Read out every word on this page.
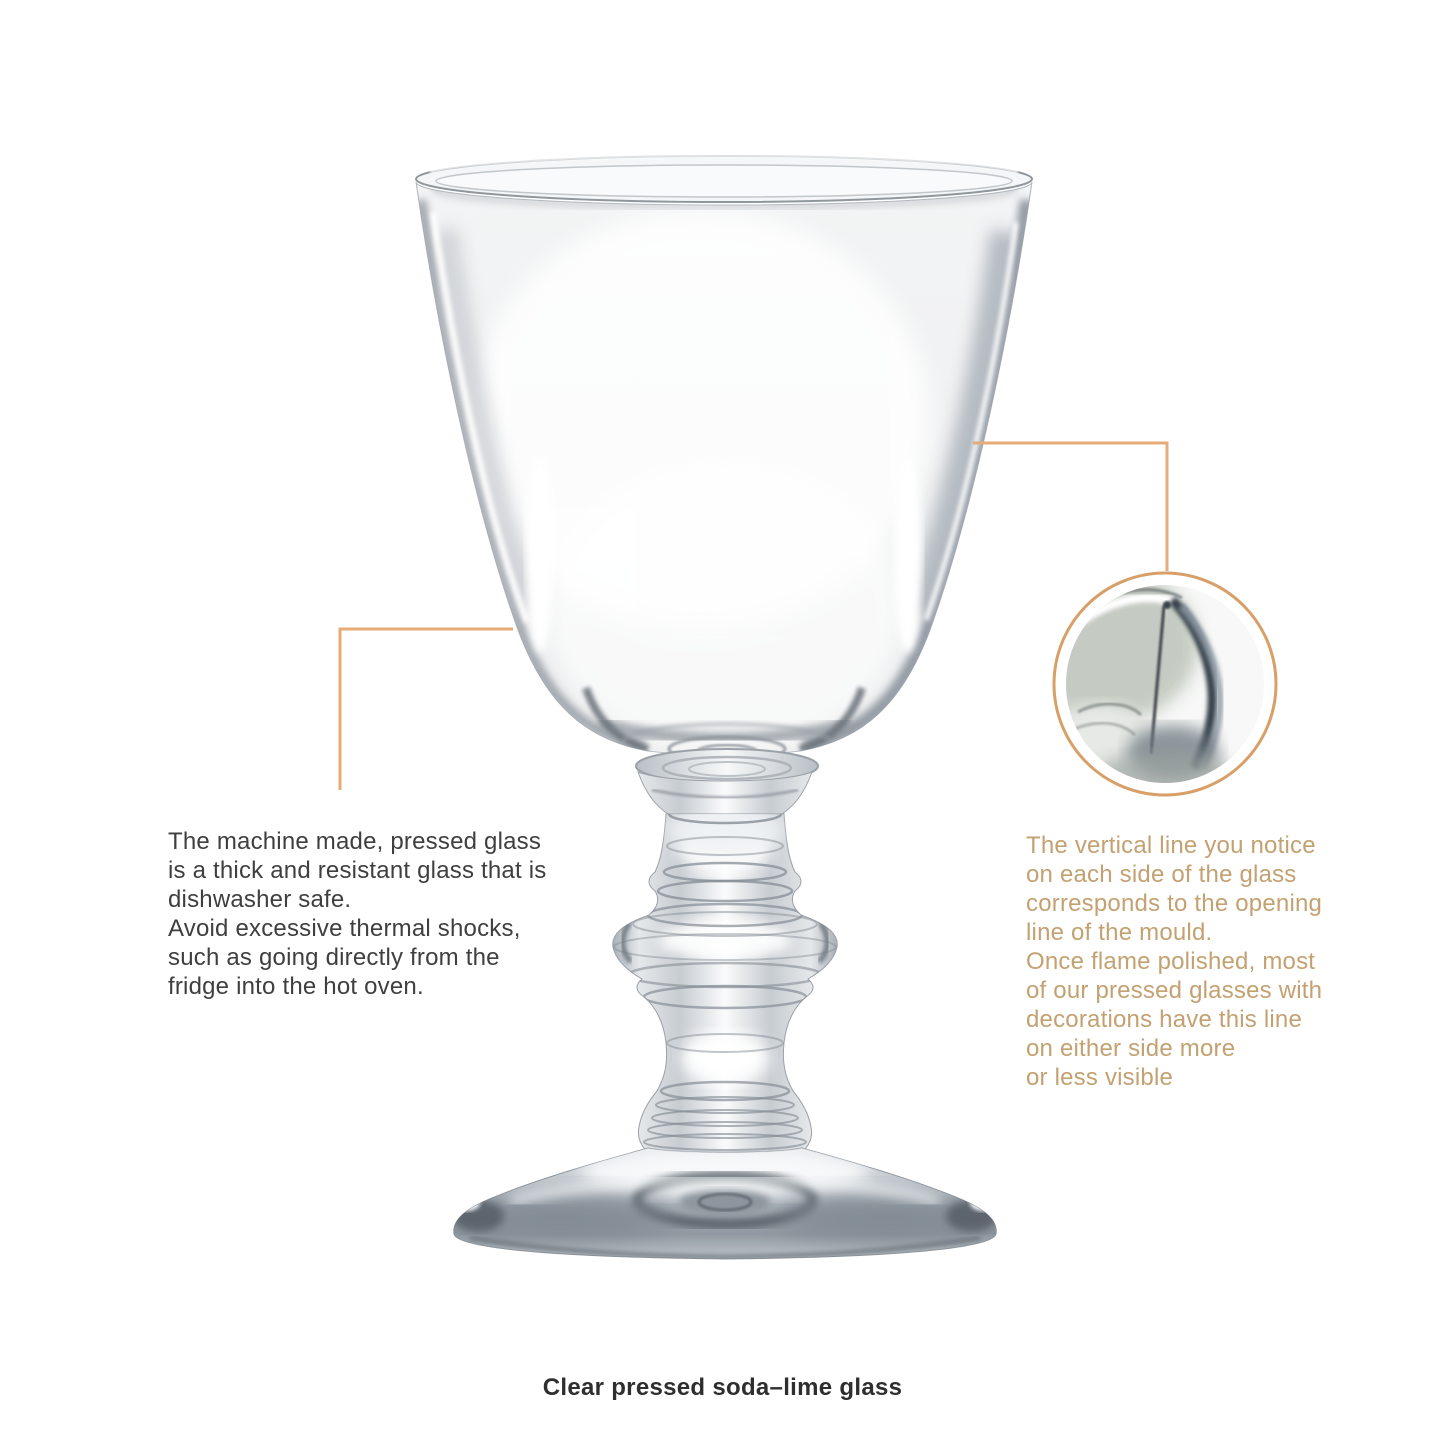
The machine made, pressed glass
is a thick and resistant glass that is
dishwasher safe.
Avoid excessive thermal shocks,
such as going directly from the
fridge into the hot oven.
The vertical line you notice
on each side of the glass
corresponds to the opening
line of the mould.
Once flame polished, most
of our pressed glasses with
decorations have this line
on either side more
or less visible
Clear pressed soda–lime glass
